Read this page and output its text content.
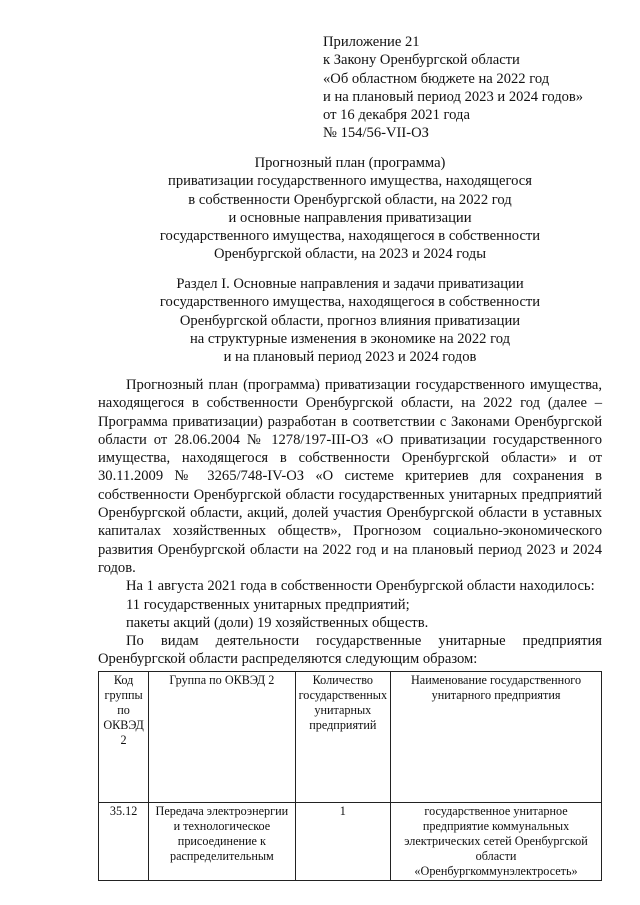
Приложение 21
к Закону Оренбургской области
«Об областном бюджете на 2022 год
и на плановый период 2023 и 2024 годов»
от 16 декабря 2021 года
№ 154/56-VII-ОЗ
Прогнозный план (программа)
приватизации государственного имущества, находящегося
в собственности Оренбургской области, на 2022 год
и основные направления приватизации
государственного имущества, находящегося в собственности
Оренбургской области, на 2023 и 2024 годы
Раздел I. Основные направления и задачи приватизации
государственного имущества, находящегося в собственности
Оренбургской области, прогноз влияния приватизации
на структурные изменения в экономике на 2022 год
и на плановый период 2023 и 2024 годов

Прогнозный план (программа) приватизации государственного имущества, находящегося в собственности Оренбургской области, на 2022 год (далее – Программа приватизации) разработан в соответствии с Законами Оренбургской области от 28.06.2004 № 1278/197-III-ОЗ «О приватизации государственного имущества, находящегося в собственности Оренбургской области» и от 30.11.2009 № 3265/748-IV-ОЗ «О системе критериев для сохранения в собственности Оренбургской области государственных унитарных предприятий Оренбургской области, акций, долей участия Оренбургской области в уставных капиталах хозяйственных обществ», Прогнозом социально-экономического развития Оренбургской области на 2022 год и на плановый период 2023 и 2024 годов.

На 1 августа 2021 года в собственности Оренбургской области находилось:

11 государственных унитарных предприятий;

пакеты акций (доли) 19 хозяйственных обществ.

По видам деятельности государственные унитарные предприятия Оренбургской области распределяются следующим образом:

Код группы по ОКВЭД 2	Группа по ОКВЭД 2	Количество государственных унитарных предприятий	Наименование государственного унитарного предприятия
35.12	Передача электроэнергии и технологическое присоединение к распределительным	1	государственное унитарное предприятие коммунальных электрических сетей Оренбургской области «Оренбургкоммунэлектросеть»
